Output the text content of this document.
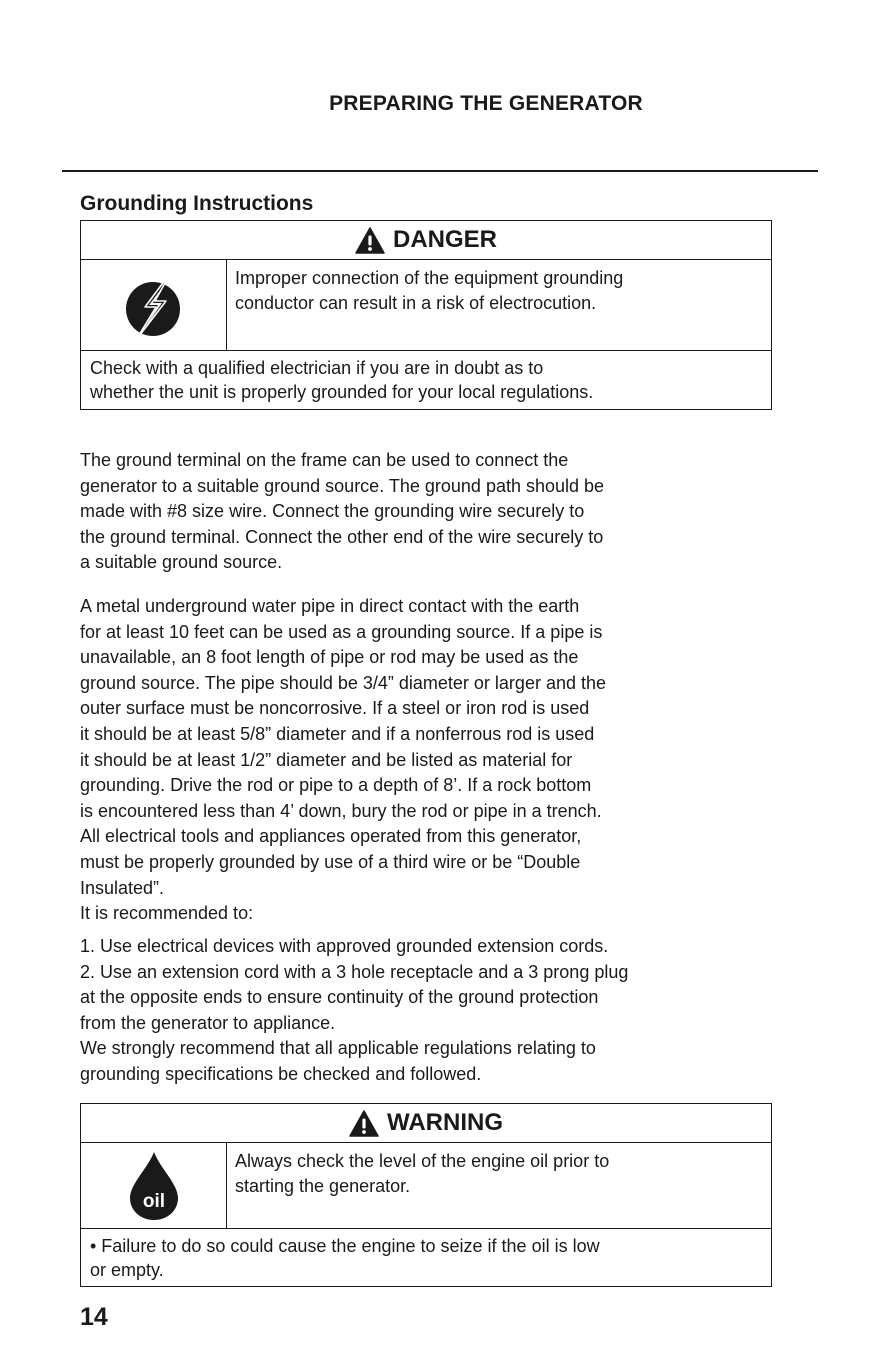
PREPARING THE GENERATOR
Grounding Instructions
DANGER
Improper connection of the equipment grounding
conductor can result in a risk of electrocution.
Check with a qualified electrician if you are in doubt as to
whether the unit is properly grounded for your local regulations.
The ground terminal on the frame can be used to connect the
generator to a suitable ground source. The ground path should be
made with #8 size wire. Connect the grounding wire securely to
the ground terminal. Connect the other end of the wire securely to
a suitable ground source.
A metal underground water pipe in direct contact with the earth
for at least 10 feet can be used as a grounding source. If a pipe is
unavailable, an 8 foot length of pipe or rod may be used as the
ground source. The pipe should be 3/4” diameter or larger and the
outer surface must be noncorrosive. If a steel or iron rod is used
it should be at least 5/8” diameter and if a nonferrous rod is used
it should be at least 1/2” diameter and be listed as material for
grounding. Drive the rod or pipe to a depth of 8’. If a rock bottom
is encountered less than 4’ down, bury the rod or pipe in a trench.
All electrical tools and appliances operated from this generator,
must be properly grounded by use of a third wire or be “Double
Insulated”.
It is recommended to:
1. Use electrical devices with approved grounded extension cords.
2. Use an extension cord with a 3 hole receptacle and a 3 prong plug
at the opposite ends to ensure continuity of the ground protection
from the generator to appliance.
We strongly recommend that all applicable regulations relating to
grounding specifications be checked and followed.
WARNING
oil
Always check the level of the engine oil prior to
starting the generator.
• Failure to do so could cause the engine to seize if the oil is low
or empty.
14
